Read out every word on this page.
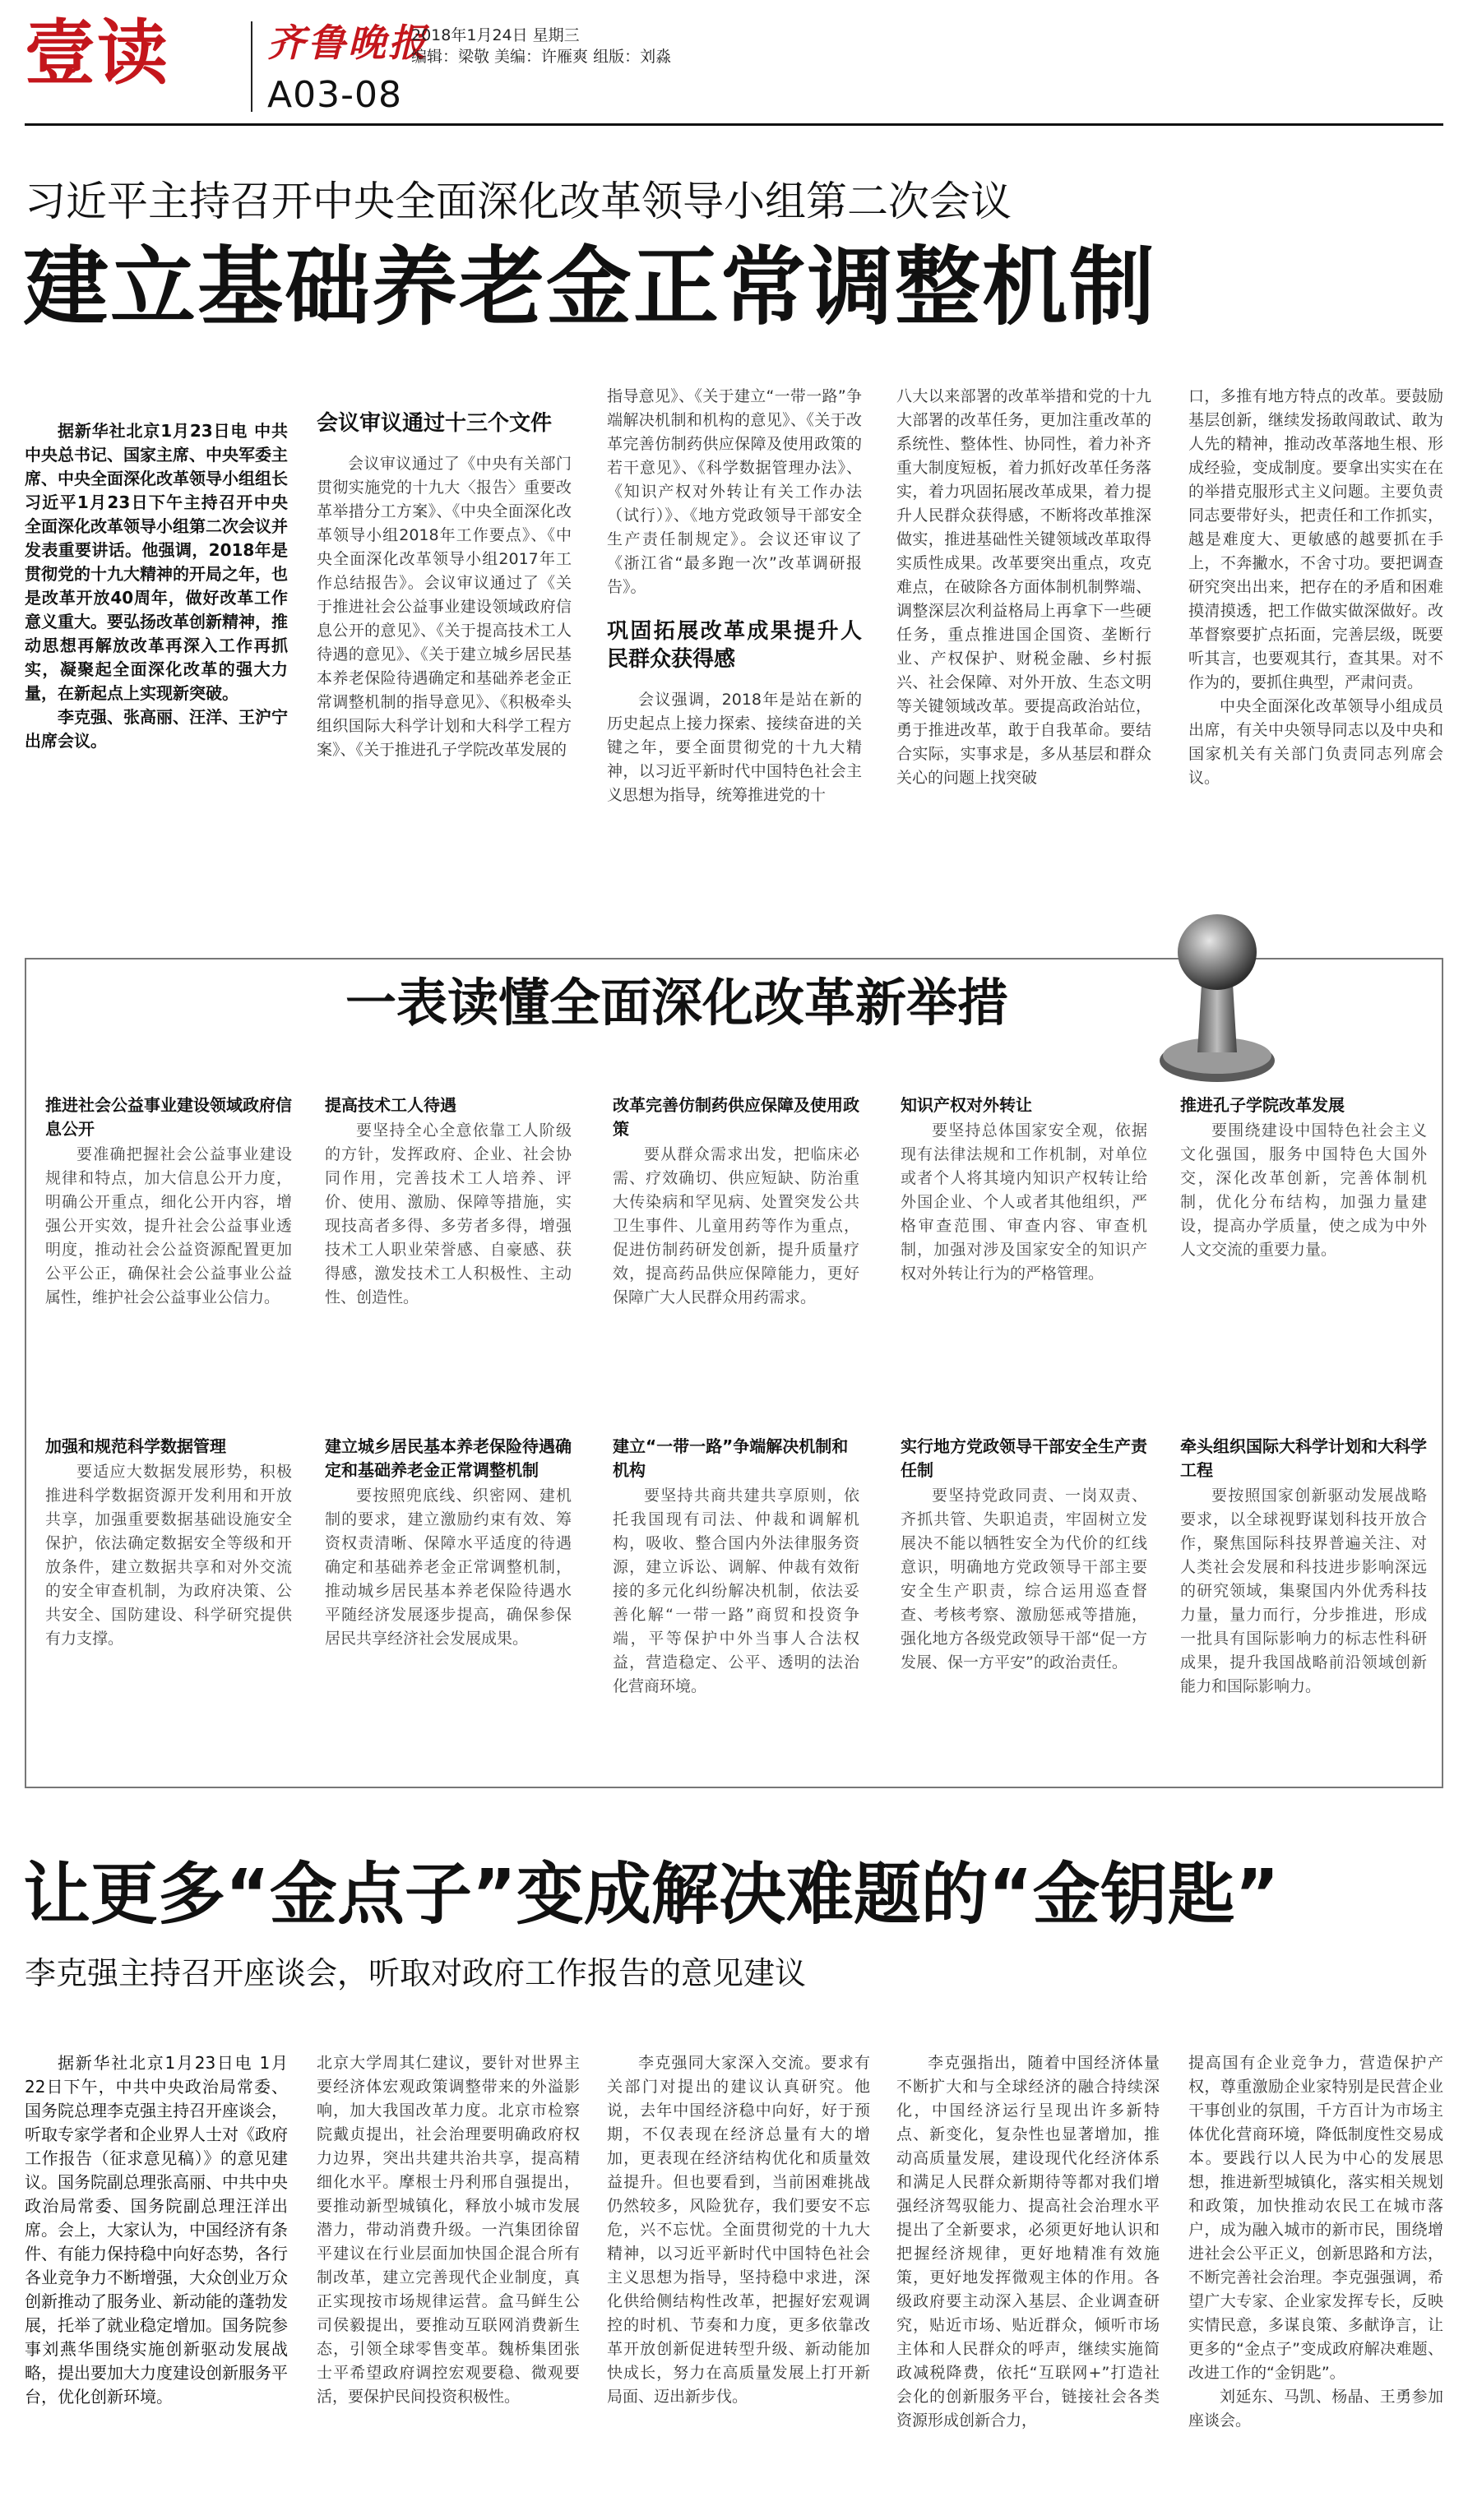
壹读	齐鲁晚报
2018年1月24日 星期三
编辑：梁敬 美编：许雁爽 组版：刘淼
A03-08
习近平主持召开中央全面深化改革领导小组第二次会议
建立基础养老金正常调整机制

据新华社北京1月23日电 中共中央总书记、国家主席、中央军委主席、中央全面深化改革领导小组组长习近平1月23日下午主持召开中央全面深化改革领导小组第二次会议并发表重要讲话。他强调，2018年是贯彻党的十九大精神的开局之年，也是改革开放40周年，做好改革工作意义重大。要弘扬改革创新精神，推动思想再解放改革再深入工作再抓实，凝聚起全面深化改革的强大力量，在新起点上实现新突破。

李克强、张高丽、汪洋、王沪宁出席会议。

会议审议通过十三个文件

会议审议通过了《中央有关部门贯彻实施党的十九大〈报告〉重要改革举措分工方案》、《中央全面深化改革领导小组2018年工作要点》、《中央全面深化改革领导小组2017年工作总结报告》。会议审议通过了《关于推进社会公益事业建设领域政府信息公开的意见》、《关于提高技术工人待遇的意见》、《关于建立城乡居民基本养老保险待遇确定和基础养老金正常调整机制的指导意见》、《积极牵头组织国际大科学计划和大科学工程方案》、《关于推进孔子学院改革发展的

指导意见》、《关于建立“一带一路”争端解决机制和机构的意见》、《关于改革完善仿制药供应保障及使用政策的若干意见》、《科学数据管理办法》、《知识产权对外转让有关工作办法（试行）》、《地方党政领导干部安全生产责任制规定》。会议还审议了《浙江省“最多跑一次”改革调研报告》。

巩固拓展改革成果提升人民群众获得感

会议强调，2018年是站在新的历史起点上接力探索、接续奋进的关键之年，要全面贯彻党的十九大精神，以习近平新时代中国特色社会主义思想为指导，统筹推进党的十

八大以来部署的改革举措和党的十九大部署的改革任务，更加注重改革的系统性、整体性、协同性，着力补齐重大制度短板，着力抓好改革任务落实，着力巩固拓展改革成果，着力提升人民群众获得感，不断将改革推深做实，推进基础性关键领域改革取得实质性成果。改革要突出重点，攻克难点，在破除各方面体制机制弊端、调整深层次利益格局上再拿下一些硬任务，重点推进国企国资、垄断行业、产权保护、财税金融、乡村振兴、社会保障、对外开放、生态文明等关键领域改革。要提高政治站位，勇于推进改革，敢于自我革命。要结合实际，实事求是，多从基层和群众关心的问题上找突破

口，多推有地方特点的改革。要鼓励基层创新，继续发扬敢闯敢试、敢为人先的精神，推动改革落地生根、形成经验，变成制度。要拿出实实在在的举措克服形式主义问题。主要负责同志要带好头，把责任和工作抓实，越是难度大、更敏感的越要抓在手上，不奔撇水，不舍寸功。要把调查研究突出出来，把存在的矛盾和困难摸清摸透，把工作做实做深做好。改革督察要扩点拓面，完善层级，既要听其言，也要观其行，查其果。对不作为的，要抓住典型，严肃问责。

中央全面深化改革领导小组成员出席，有关中央领导同志以及中央和国家机关有关部门负责同志列席会议。

一表读懂全面深化改革新举措
推进社会公益事业建设领域政府信息公开
要准确把握社会公益事业建设规律和特点，加大信息公开力度，明确公开重点，细化公开内容，增强公开实效，提升社会公益事业透明度，推动社会公益资源配置更加公平公正，确保社会公益事业公益属性，维护社会公益事业公信力。
提高技术工人待遇
要坚持全心全意依靠工人阶级的方针，发挥政府、企业、社会协同作用，完善技术工人培养、评价、使用、激励、保障等措施，实现技高者多得、多劳者多得，增强技术工人职业荣誉感、自豪感、获得感，激发技术工人积极性、主动性、创造性。
改革完善仿制药供应保障及使用政策
要从群众需求出发，把临床必需、疗效确切、供应短缺、防治重大传染病和罕见病、处置突发公共卫生事件、儿童用药等作为重点，促进仿制药研发创新，提升质量疗效，提高药品供应保障能力，更好保障广大人民群众用药需求。
知识产权对外转让
要坚持总体国家安全观，依据现有法律法规和工作机制，对单位或者个人将其境内知识产权转让给外国企业、个人或者其他组织，严格审查范围、审查内容、审查机制，加强对涉及国家安全的知识产权对外转让行为的严格管理。
推进孔子学院改革发展
要围绕建设中国特色社会主义文化强国，服务中国特色大国外交，深化改革创新，完善体制机制，优化分布结构，加强力量建设，提高办学质量，使之成为中外人文交流的重要力量。
加强和规范科学数据管理
要适应大数据发展形势，积极推进科学数据资源开发利用和开放共享，加强重要数据基础设施安全保护，依法确定数据安全等级和开放条件，建立数据共享和对外交流的安全审查机制，为政府决策、公共安全、国防建设、科学研究提供有力支撑。
建立城乡居民基本养老保险待遇确定和基础养老金正常调整机制
要按照兜底线、织密网、建机制的要求，建立激励约束有效、筹资权责清晰、保障水平适度的待遇确定和基础养老金正常调整机制，推动城乡居民基本养老保险待遇水平随经济发展逐步提高，确保参保居民共享经济社会发展成果。
建立“一带一路”争端解决机制和机构
要坚持共商共建共享原则，依托我国现有司法、仲裁和调解机构，吸收、整合国内外法律服务资源，建立诉讼、调解、仲裁有效衔接的多元化纠纷解决机制，依法妥善化解“一带一路”商贸和投资争端，平等保护中外当事人合法权益，营造稳定、公平、透明的法治化营商环境。
实行地方党政领导干部安全生产责任制
要坚持党政同责、一岗双责、齐抓共管、失职追责，牢固树立发展决不能以牺牲安全为代价的红线意识，明确地方党政领导干部主要安全生产职责，综合运用巡查督查、考核考察、激励惩戒等措施，强化地方各级党政领导干部“促一方发展、保一方平安”的政治责任。
牵头组织国际大科学计划和大科学工程
要按照国家创新驱动发展战略要求，以全球视野谋划科技开放合作，聚焦国际科技界普遍关注、对人类社会发展和科技进步影响深远的研究领域，集聚国内外优秀科技力量，量力而行，分步推进，形成一批具有国际影响力的标志性科研成果，提升我国战略前沿领域创新能力和国际影响力。
让更多“金点子”变成解决难题的“金钥匙”
李克强主持召开座谈会，听取对政府工作报告的意见建议

据新华社北京1月23日电 1月22日下午，中共中央政治局常委、国务院总理李克强主持召开座谈会，听取专家学者和企业界人士对《政府工作报告（征求意见稿）》的意见建议。国务院副总理张高丽、中共中央政治局常委、国务院副总理汪洋出席。会上，大家认为，中国经济有条件、有能力保持稳中向好态势，各行各业竞争力不断增强，大众创业万众创新推动了服务业、新动能的蓬勃发展，托举了就业稳定增加。国务院参事刘燕华围绕实施创新驱动发展战略，提出要加大力度建设创新服务平台，优化创新环境。

北京大学周其仁建议，要针对世界主要经济体宏观政策调整带来的外溢影响，加大我国改革力度。北京市检察院戴贞提出，社会治理要明确政府权力边界，突出共建共治共享，提高精细化水平。摩根士丹利邢自强提出，要推动新型城镇化，释放小城市发展潜力，带动消费升级。一汽集团徐留平建议在行业层面加快国企混合所有制改革，建立完善现代企业制度，真正实现按市场规律运营。盒马鲜生公司侯毅提出，要推动互联网消费新生态，引领全球零售变革。魏桥集团张士平希望政府调控宏观要稳、微观要活，要保护民间投资积极性。

李克强同大家深入交流。要求有关部门对提出的建议认真研究。他说，去年中国经济稳中向好，好于预期，不仅表现在经济总量有大的增加，更表现在经济结构优化和质量效益提升。但也要看到，当前困难挑战仍然较多，风险犹存，我们要安不忘危，兴不忘忧。全面贯彻党的十九大精神，以习近平新时代中国特色社会主义思想为指导，坚持稳中求进，深化供给侧结构性改革，把握好宏观调控的时机、节奏和力度，更多依靠改革开放创新促进转型升级、新动能加快成长，努力在高质量发展上打开新局面、迈出新步伐。

李克强指出，随着中国经济体量不断扩大和与全球经济的融合持续深化，中国经济运行呈现出许多新特点、新变化，复杂性也显著增加，推动高质量发展，建设现代化经济体系和满足人民群众新期待等都对我们增强经济驾驭能力、提高社会治理水平提出了全新要求，必须更好地认识和把握经济规律，更好地精准有效施策，更好地发挥微观主体的作用。各级政府要主动深入基层、企业调查研究，贴近市场、贴近群众，倾听市场主体和人民群众的呼声，继续实施简政减税降费，依托“互联网+”打造社会化的创新服务平台，链接社会各类资源形成创新合力，

提高国有企业竞争力，营造保护产权，尊重激励企业家特别是民营企业干事创业的氛围，千方百计为市场主体优化营商环境，降低制度性交易成本。要践行以人民为中心的发展思想，推进新型城镇化，落实相关规划和政策，加快推动农民工在城市落户，成为融入城市的新市民，围绕增进社会公平正义，创新思路和方法，不断完善社会治理。李克强强调，希望广大专家、企业家发挥专长，反映实情民意，多谋良策、多献诤言，让更多的“金点子”变成政府解决难题、改进工作的“金钥匙”。

刘延东、马凯、杨晶、王勇参加座谈会。
